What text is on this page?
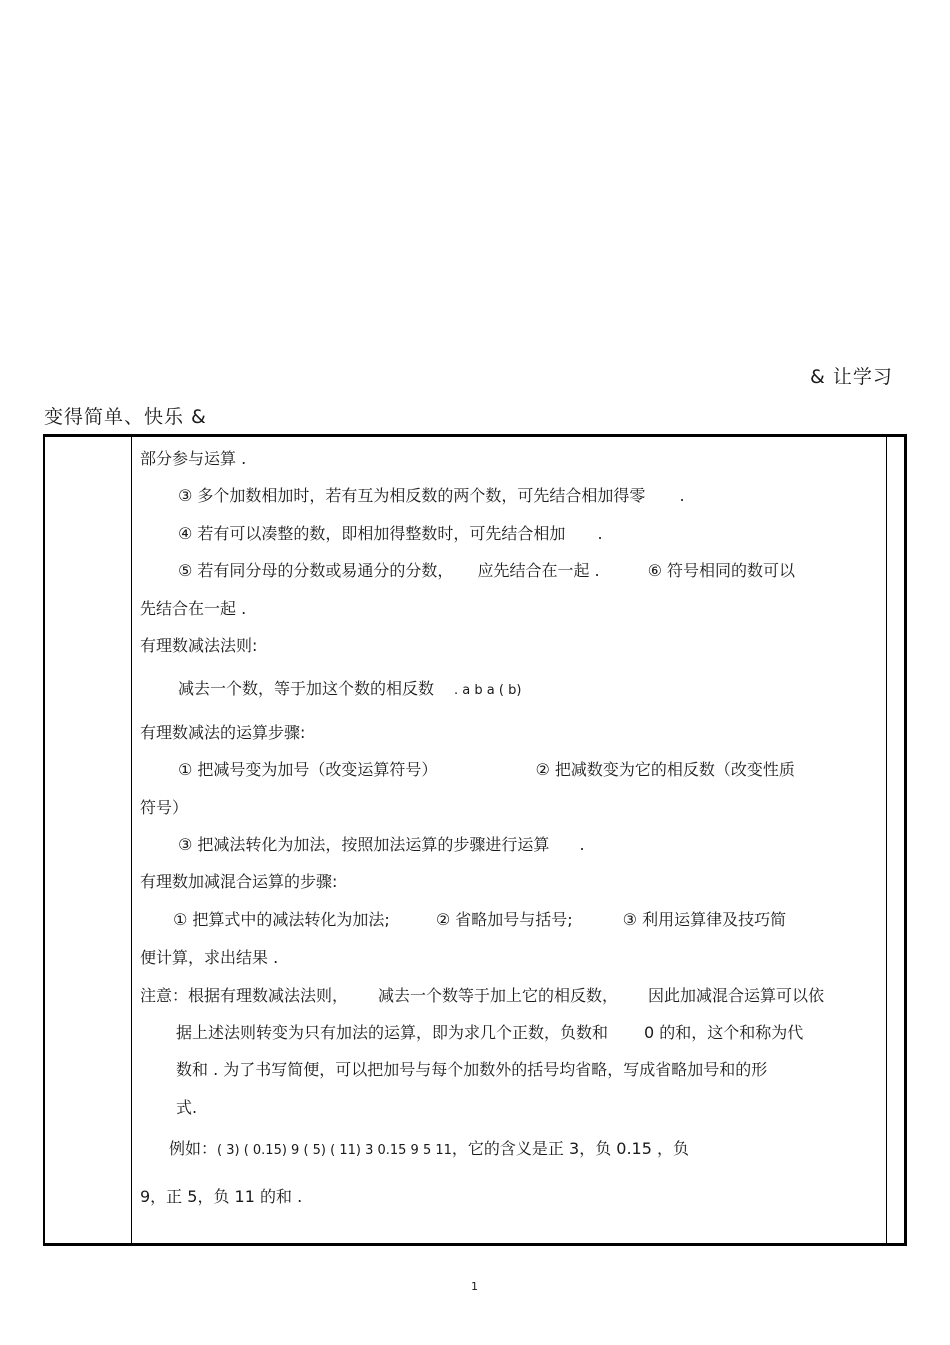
& 让学习
变得简单、快乐 &
部分参与运算 .
③ 多个加数相加时，若有互为相反数的两个数，可先结合相加得零 .
④ 若有可以凑整的数，即相加得整数时，可先结合相加 .
⑤ 若有同分母的分数或易通分的分数， 应先结合在一起 .	⑥ 符号相同的数可以
先结合在一起 .
有理数减法法则:
减去一个数，等于加这个数的相反数 . a b a ( b)
有理数减法的运算步骤:
① 把减号变为加号（改变运算符号）	② 把减数变为它的相反数（改变性质
符号）
③ 把减法转化为加法，按照加法运算的步骤进行运算 .
有理数加减混合运算的步骤:
① 把算式中的减法转化为加法;	② 省略加号与括号;	③ 利用运算律及技巧简
便计算，求出结果 .
注意：根据有理数减法法则， 减去一个数等于加上它的相反数， 因此加减混合运算可以依
据上述法则转变为只有加法的运算，即为求几个正数，负数和 0 的和，这个和称为代
数和 . 为了书写简便，可以把加号与每个加数外的括号均省略，写成省略加号和的形
式.
例如：( 3) ( 0.15) 9 ( 5) ( 11) 3 0.15 9 5 11，它的含义是正 3，负 0.15 ，负
9，正 5，负 11 的和 .
1
